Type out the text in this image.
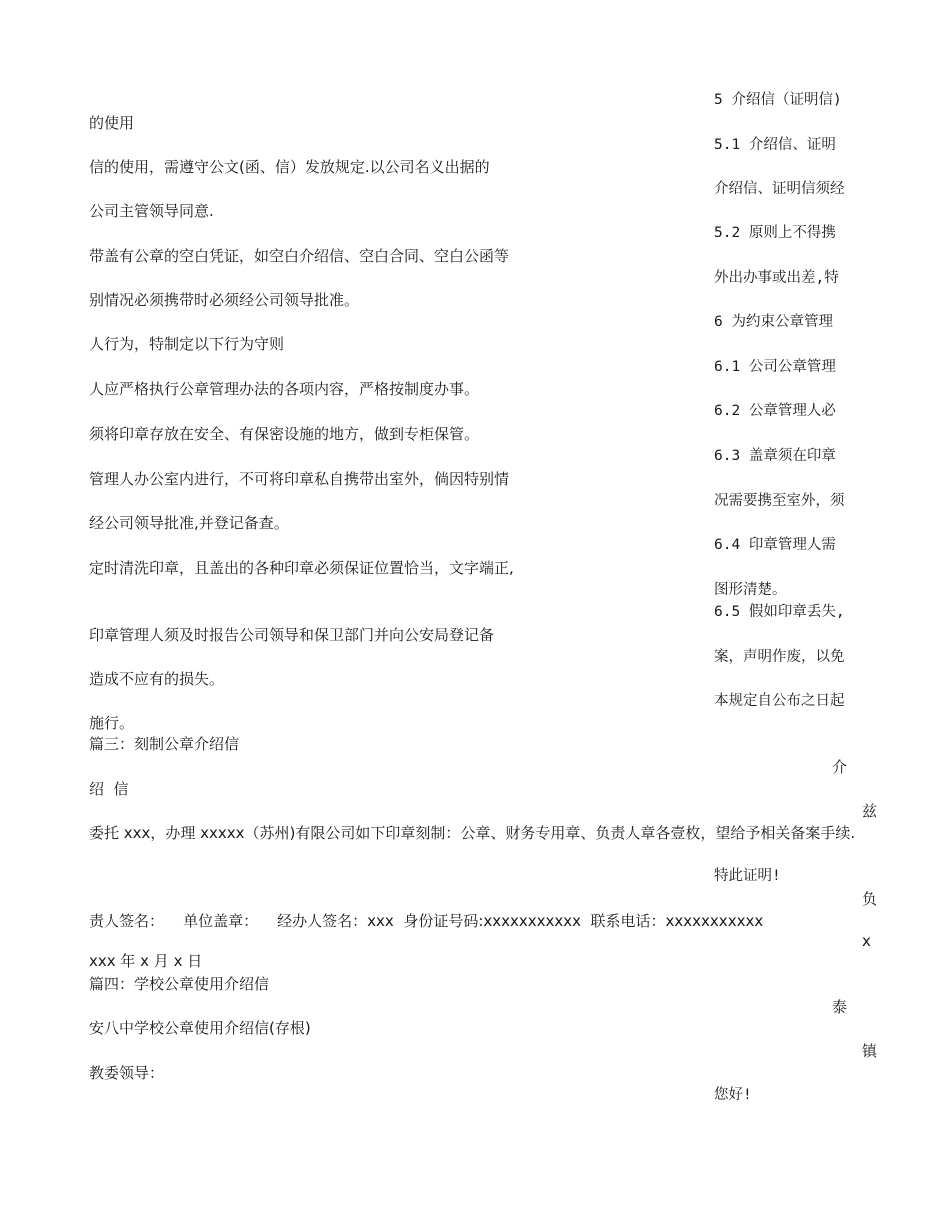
的使用
信的使用，需遵守公文(函、信）发放规定.以公司名义出据的
公司主管领导同意.
带盖有公章的空白凭证，如空白介绍信、空白合同、空白公函等
别情况必须携带时必须经公司领导批准。
人行为，特制定以下行为守则
人应严格执行公章管理办法的各项内容，严格按制度办事。
须将印章存放在安全、有保密设施的地方，做到专柜保管。
管理人办公室内进行，不可将印章私自携带出室外，倘因特别情
经公司领导批准,并登记备查。
定时清洗印章，且盖出的各种印章必须保证位置恰当，文字端正,
印章管理人须及时报告公司领导和保卫部门并向公安局登记备
造成不应有的损失。
施行。
篇三：刻制公章介绍信
绍  信
委托 xxx，办理 xxxxx（苏州)有限公司如下印章刻制：公章、财务专用章、负责人章各壹枚，望给予相关备案手续.
责人签名：    单位盖章：    经办人签名：xxx  身份证号码:xxxxxxxxxxx  联系电话：xxxxxxxxxxx
xxx 年 x 月 x 日
篇四：学校公章使用介绍信
安八中学校公章使用介绍信(存根)
教委领导：
5 介绍信（证明信)
5.1 介绍信、证明
介绍信、证明信须经
5.2 原则上不得携
外出办事或出差,特
6 为约束公章管理
6.1 公司公章管理
6.2 公章管理人必
6.3 盖章须在印章
况需要携至室外，须
6.4 印章管理人需
图形清楚。
6.5 假如印章丢失,
案，声明作废，以免
本规定自公布之日起
特此证明!
您好!
介
兹
负
x
泰
镇
